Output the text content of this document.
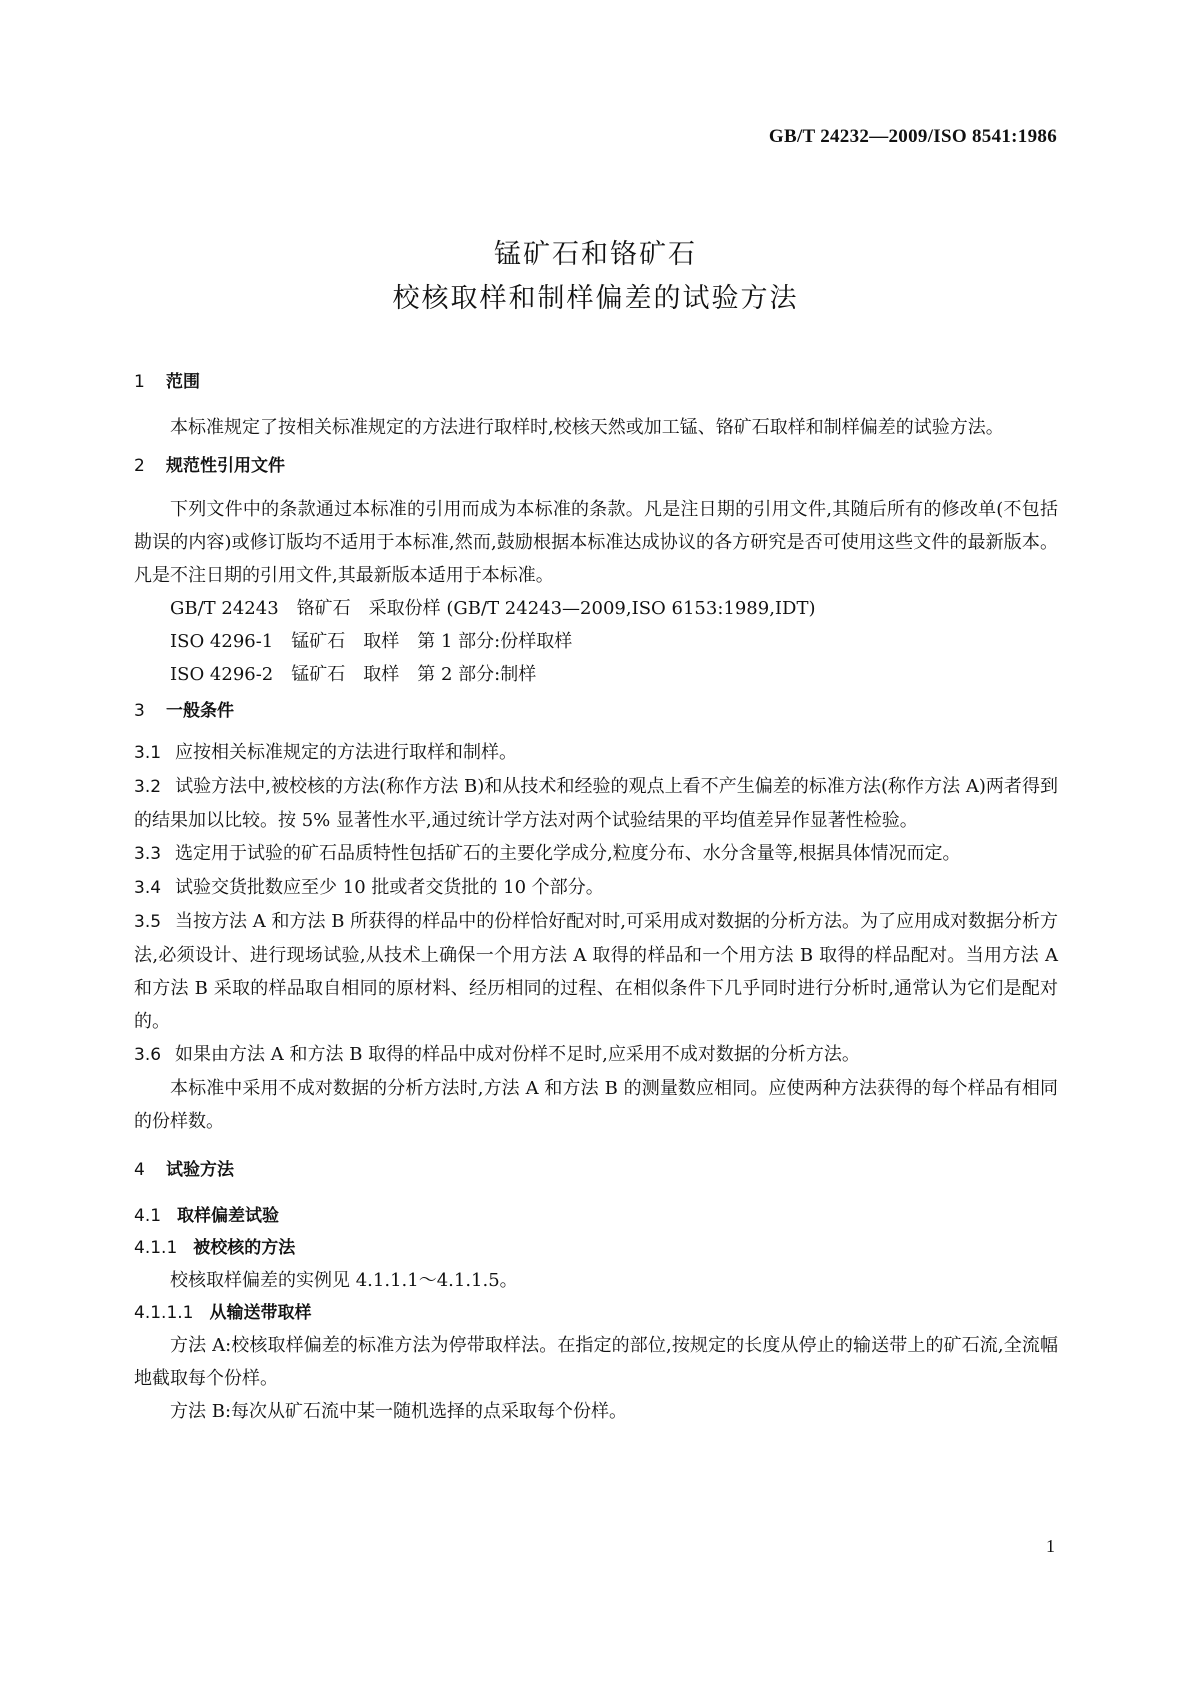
GB/T 24232—2009/ISO 8541:1986
锰矿石和铬矿石
校核取样和制样偏差的试验方法
1 范围
本标准规定了按相关标准规定的方法进行取样时,校核天然或加工锰、铬矿石取样和制样偏差的试验方法。
2 规范性引用文件
下列文件中的条款通过本标准的引用而成为本标准的条款。凡是注日期的引用文件,其随后所有的修改单(不包括勘误的内容)或修订版均不适用于本标准,然而,鼓励根据本标准达成协议的各方研究是否可使用这些文件的最新版本。凡是不注日期的引用文件,其最新版本适用于本标准。
GB/T 24243　铬矿石　采取份样 (GB/T 24243—2009,ISO 6153:1989,IDT)
ISO 4296-1　锰矿石　取样　第 1 部分:份样取样
ISO 4296-2　锰矿石　取样　第 2 部分:制样
3 一般条件
3.1 应按相关标准规定的方法进行取样和制样。
3.2 试验方法中,被校核的方法(称作方法 B)和从技术和经验的观点上看不产生偏差的标准方法(称作方法 A)两者得到的结果加以比较。按 5% 显著性水平,通过统计学方法对两个试验结果的平均值差异作显著性检验。
3.3 选定用于试验的矿石品质特性包括矿石的主要化学成分,粒度分布、水分含量等,根据具体情况而定。
3.4 试验交货批数应至少 10 批或者交货批的 10 个部分。
3.5 当按方法 A 和方法 B 所获得的样品中的份样恰好配对时,可采用成对数据的分析方法。为了应用成对数据分析方法,必须设计、进行现场试验,从技术上确保一个用方法 A 取得的样品和一个用方法 B 取得的样品配对。当用方法 A 和方法 B 采取的样品取自相同的原材料、经历相同的过程、在相似条件下几乎同时进行分析时,通常认为它们是配对的。
3.6 如果由方法 A 和方法 B 取得的样品中成对份样不足时,应采用不成对数据的分析方法。
本标准中采用不成对数据的分析方法时,方法 A 和方法 B 的测量数应相同。应使两种方法获得的每个样品有相同的份样数。
4 试验方法
4.1 取样偏差试验
4.1.1 被校核的方法
校核取样偏差的实例见 4.1.1.1～4.1.1.5。
4.1.1.1 从输送带取样
方法 A:校核取样偏差的标准方法为停带取样法。在指定的部位,按规定的长度从停止的输送带上的矿石流,全流幅地截取每个份样。
方法 B:每次从矿石流中某一随机选择的点采取每个份样。
1
